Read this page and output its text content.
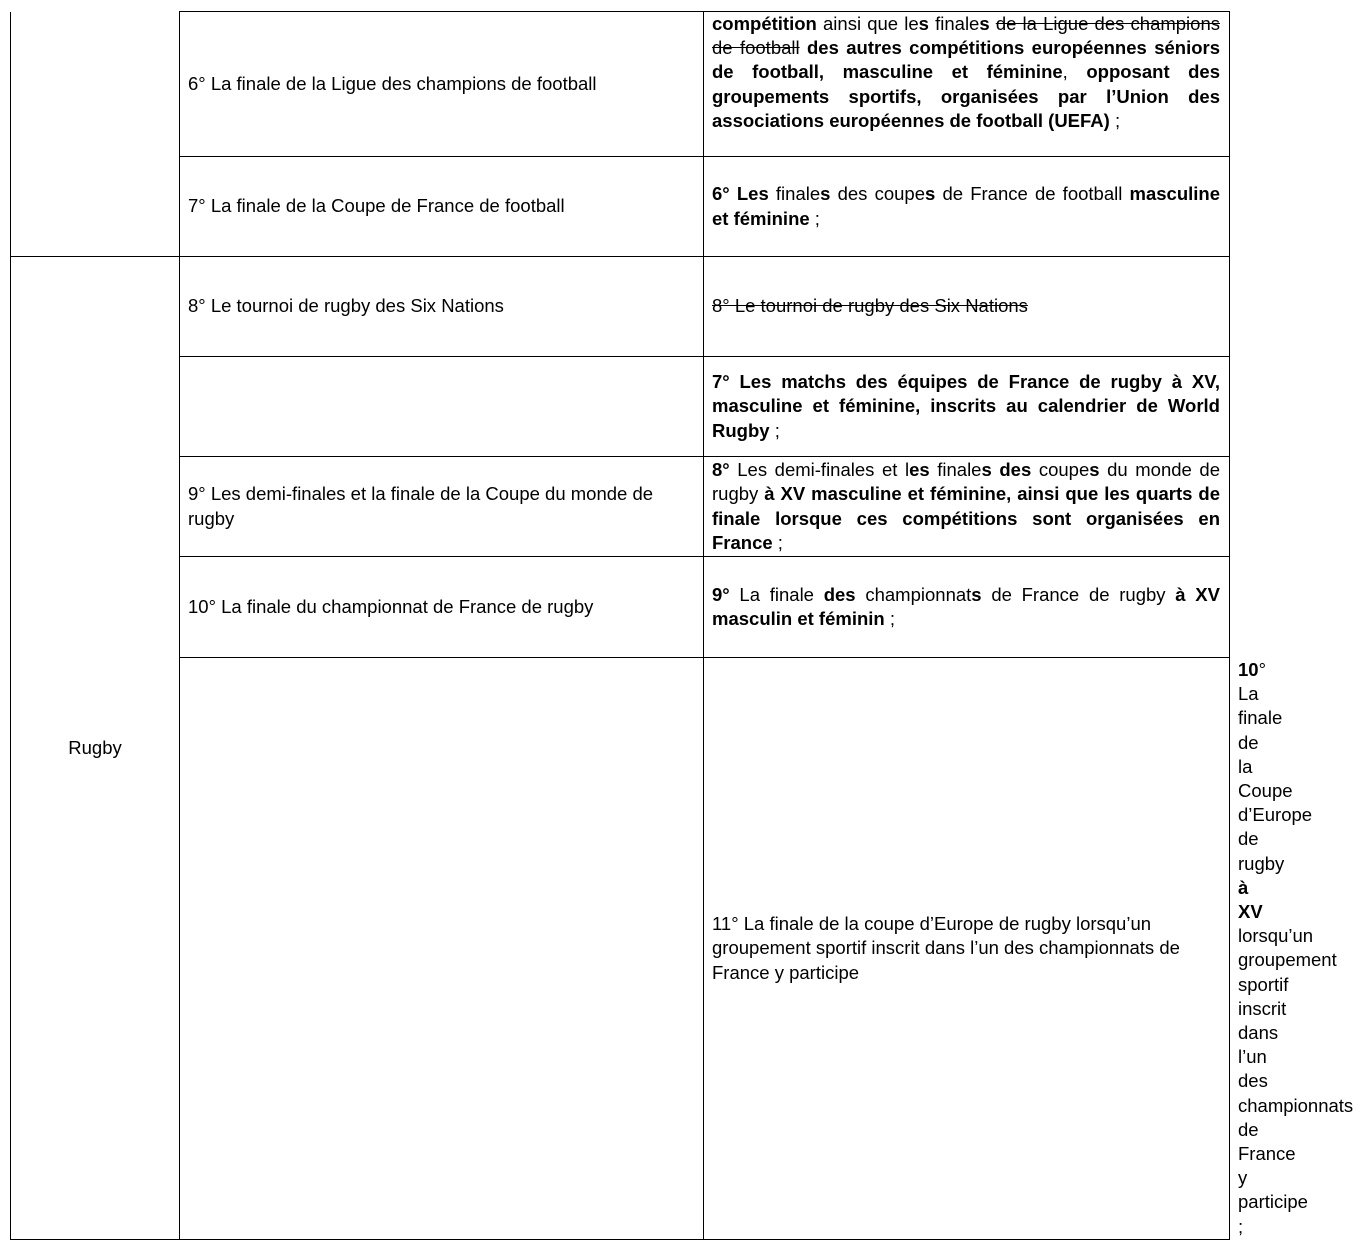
	6° La finale de la Ligue des champions de football	compétition ainsi que les finales de la Ligue des champions de football des autres compétitions européennes séniors de football, masculine et féminine, opposant des groupements sportifs, organisées par l’Union des associations européennes de football (UEFA) ;	
	7° La finale de la Coupe de France de football	6° Les finales des coupes de France de football masculine et féminine ;	
Rugby	8° Le tournoi de rugby des Six Nations	8° Le tournoi de rugby des Six Nations	
		7° Les matchs des équipes de France de rugby à XV, masculine et féminine, inscrits au calendrier de World Rugby ;	
	9° Les demi-finales et la finale de la Coupe du monde de rugby	8° Les demi-finales et les finales des coupes du monde de rugby à XV masculine et féminine, ainsi que les quarts de finale lorsque ces compétitions sont organisées en France ;	
	10° La finale du championnat de France de rugby	9° La finale des championnats de France de rugby à XV masculin et féminin ;	
		11° La finale de la coupe d’Europe de rugby lorsqu’un groupement sportif inscrit dans l’un des championnats de France y participe	10° La finale de la Coupe d’Europe de rugby à XV lorsqu’un groupement sportif inscrit dans l’un des championnats de France y participe ;
